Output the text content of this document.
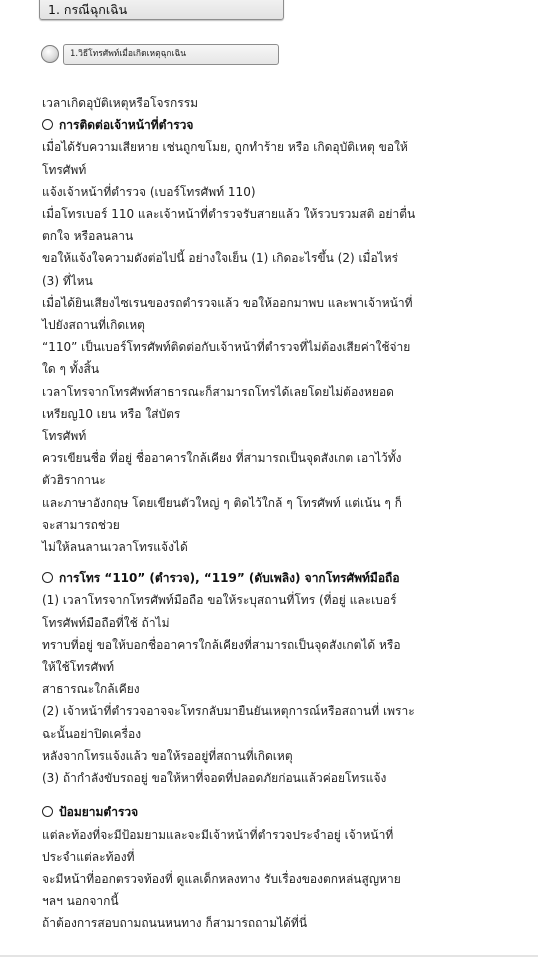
1. กรณีฉุกเฉิน
1.วิธีโทรศัพท์เมื่อเกิดเหตุฉุกเฉิน
เวลาเกิดอุบัติเหตุหรือโจรกรรม
การติดต่อเจ้าหน้าที่ตำรวจ
เมื่อได้รับความเสียหาย เช่นถูกขโมย, ถูกทำร้าย หรือ เกิดอุบัติเหตุ ขอให้
โทรศัพท์
แจ้งเจ้าหน้าที่ตำรวจ (เบอร์โทรศัพท์ 110)
เมื่อโทรเบอร์ 110 และเจ้าหน้าที่ตำรวจรับสายแล้ว ให้รวบรวมสติ อย่าตื่น
ตกใจ หรือลนลาน
ขอให้แจ้งใจความดังต่อไปนี้ อย่างใจเย็น (1) เกิดอะไรขึ้น (2) เมื่อไหร่
(3) ที่ไหน
เมื่อได้ยินเสียงไซเรนของรถตำรวจแล้ว ขอให้ออกมาพบ และพาเจ้าหน้าที่
ไปยังสถานที่เกิดเหตุ
“110” เป็นเบอร์โทรศัพท์ติดต่อกับเจ้าหน้าที่ตำรวจที่ไม่ต้องเสียค่าใช้จ่าย
ใด ๆ ทั้งสิ้น
เวลาโทรจากโทรศัพท์สาธารณะก็สามารถโทรได้เลยโดยไม่ต้องหยอด
เหรียญ10 เยน หรือ ใส่บัตร
โทรศัพท์
ควรเขียนชื่อ ที่อยู่ ชื่ออาคารใกล้เคียง ที่สามารถเป็นจุดสังเกต เอาไว้ทั้ง
ตัวฮิรากานะ
และภาษาอังกฤษ โดยเขียนตัวใหญ่ ๆ ติดไว้ใกล้ ๆ โทรศัพท์ แต่เน้น ๆ ก็
จะสามารถช่วย
ไม่ให้ลนลานเวลาโทรแจ้งได้
การโทร “110” (ตำรวจ), “119” (ดับเพลิง) จากโทรศัพท์มือถือ
(1) เวลาโทรจากโทรศัพท์มือถือ ขอให้ระบุสถานที่โทร (ที่อยู่ และเบอร์
โทรศัพท์มือถือที่ใช้ ถ้าไม่
ทราบที่อยู่ ขอให้บอกชื่ออาคารใกล้เคียงที่สามารถเป็นจุดสังเกตได้ หรือ
ให้ใช้โทรศัพท์
สาธารณะใกล้เคียง
(2) เจ้าหน้าที่ตำรวจอาจจะโทรกลับมายืนยันเหตุการณ์หรือสถานที่ เพราะ
ฉะนั้นอย่าปิดเครื่อง
หลังจากโทรแจ้งแล้ว ขอให้รออยู่ที่สถานที่เกิดเหตุ
(3) ถ้ากำลังขับรถอยู่ ขอให้หาที่จอดที่ปลอดภัยก่อนแล้วค่อยโทรแจ้ง
ป้อมยามตำรวจ
แต่ละท้องที่จะมีป้อมยามและจะมีเจ้าหน้าที่ตำรวจประจำอยู่ เจ้าหน้าที่
ประจำแต่ละท้องที่
จะมีหน้าที่ออกตรวจท้องที่ ดูแลเด็กหลงทาง รับเรื่องของตกหล่นสูญหาย
ฯลฯ นอกจากนี้
ถ้าต้องการสอบถามถนนหนทาง ก็สามารถถามได้ที่นี่
